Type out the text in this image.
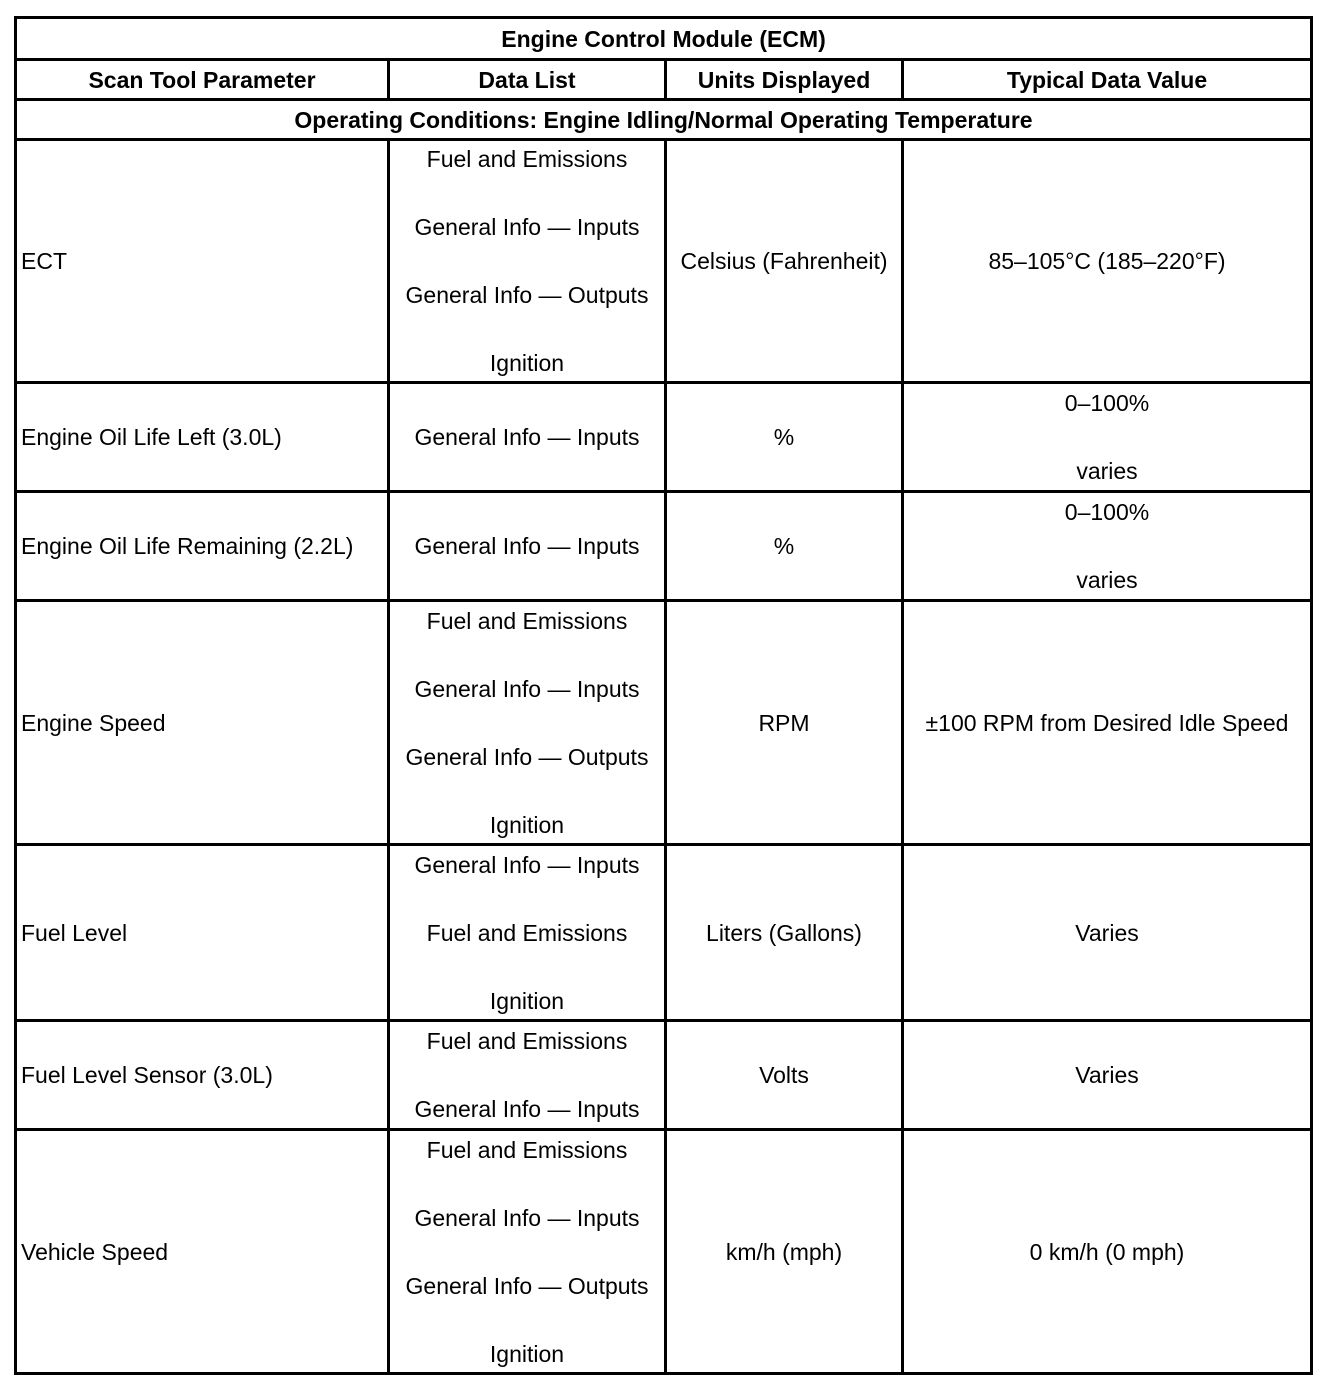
Engine Control Module (ECM)			
Scan Tool Parameter	Data List	Units Displayed	Typical Data Value
Operating Conditions: Engine Idling/Normal Operating Temperature			
ECT	Fuel and Emissions
General Info — Inputs
General Info — Outputs
Ignition	Celsius (Fahrenheit)	85–105°C (185–220°F)

Engine Oil Life Left (3.0L)	General Info — Inputs	%	0–100%
varies

Engine Oil Life Remaining (2.2L)	General Info — Inputs	%	0–100%
varies

Engine Speed	Fuel and Emissions
General Info — Inputs
General Info — Outputs
Ignition	RPM	±100 RPM from Desired Idle Speed

Fuel Level	General Info — Inputs
Fuel and Emissions
Ignition	Liters (Gallons)	Varies

Fuel Level Sensor (3.0L)	Fuel and Emissions
General Info — Inputs	Volts	Varies

Vehicle Speed	Fuel and Emissions
General Info — Inputs
General Info — Outputs
Ignition	km/h (mph)	0 km/h (0 mph)
